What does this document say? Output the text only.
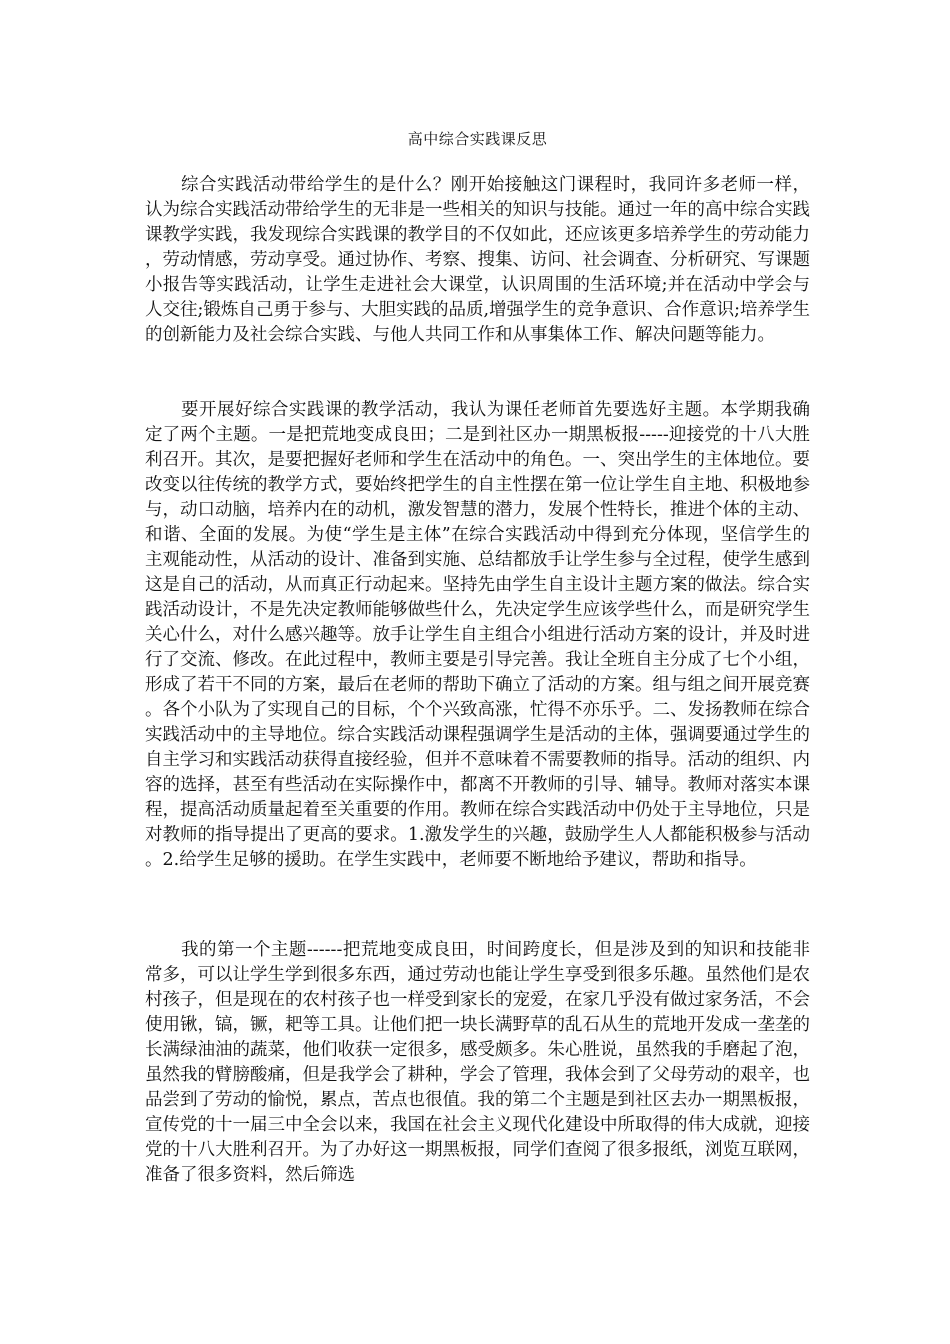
高中综合实践课反思

综合实践活动带给学生的是什么？刚开始接触这门课程时，我同许多老师一样，认为综合实践活动带给学生的无非是一些相关的知识与技能。通过一年的高中综合实践课教学实践，我发现综合实践课的教学目的不仅如此，还应该更多培养学生的劳动能力，劳动情感，劳动享受。通过协作、考察、搜集、访问、社会调查、分析研究、写课题小报告等实践活动，让学生走进社会大课堂，认识周围的生活环境;并在活动中学会与人交往;锻炼自己勇于参与、大胆实践的品质,增强学生的竞争意识、合作意识;培养学生的创新能力及社会综合实践、与他人共同工作和从事集体工作、解决问题等能力。

要开展好综合实践课的教学活动，我认为课任老师首先要选好主题。本学期我确定了两个主题。一是把荒地变成良田；二是到社区办一期黑板报-----迎接党的十八大胜利召开。其次，是要把握好老师和学生在活动中的角色。一、突出学生的主体地位。要改变以往传统的教学方式，要始终把学生的自主性摆在第一位让学生自主地、积极地参与，动口动脑，培养内在的动机，激发智慧的潜力，发展个性特长，推进个体的主动、和谐、全面的发展。为使“学生是主体”在综合实践活动中得到充分体现，坚信学生的主观能动性，从活动的设计、准备到实施、总结都放手让学生参与全过程，使学生感到这是自己的活动，从而真正行动起来。坚持先由学生自主设计主题方案的做法。综合实践活动设计，不是先决定教师能够做些什么，先决定学生应该学些什么，而是研究学生关心什么，对什么感兴趣等。放手让学生自主组合小组进行活动方案的设计，并及时进行了交流、修改。在此过程中，教师主要是引导完善。我让全班自主分成了七个小组，形成了若干不同的方案，最后在老师的帮助下确立了活动的方案。组与组之间开展竞赛。各个小队为了实现自己的目标，个个兴致高涨，忙得不亦乐乎。二、发扬教师在综合实践活动中的主导地位。综合实践活动课程强调学生是活动的主体，强调要通过学生的自主学习和实践活动获得直接经验，但并不意味着不需要教师的指导。活动的组织、内容的选择，甚至有些活动在实际操作中，都离不开教师的引导、辅导。教师对落实本课程，提高活动质量起着至关重要的作用。教师在综合实践活动中仍处于主导地位，只是对教师的指导提出了更高的要求。1.激发学生的兴趣，鼓励学生人人都能积极参与活动。2.给学生足够的援助。在学生实践中，老师要不断地给予建议，帮助和指导。

我的第一个主题------把荒地变成良田，时间跨度长，但是涉及到的知识和技能非常多，可以让学生学到很多东西，通过劳动也能让学生享受到很多乐趣。虽然他们是农村孩子，但是现在的农村孩子也一样受到家长的宠爱，在家几乎没有做过家务活，不会使用锹，镐，镢，耙等工具。让他们把一块长满野草的乱石从生的荒地开发成一垄垄的长满绿油油的蔬菜，他们收获一定很多，感受颇多。朱心胜说，虽然我的手磨起了泡，虽然我的臂膀酸痛，但是我学会了耕种，学会了管理，我体会到了父母劳动的艰辛，也品尝到了劳动的愉悦，累点，苦点也很值。我的第二个主题是到社区去办一期黑板报，宣传党的十一届三中全会以来，我国在社会主义现代化建设中所取得的伟大成就，迎接党的十八大胜利召开。为了办好这一期黑板报，同学们查阅了很多报纸，浏览互联网，准备了很多资料，然后筛选
